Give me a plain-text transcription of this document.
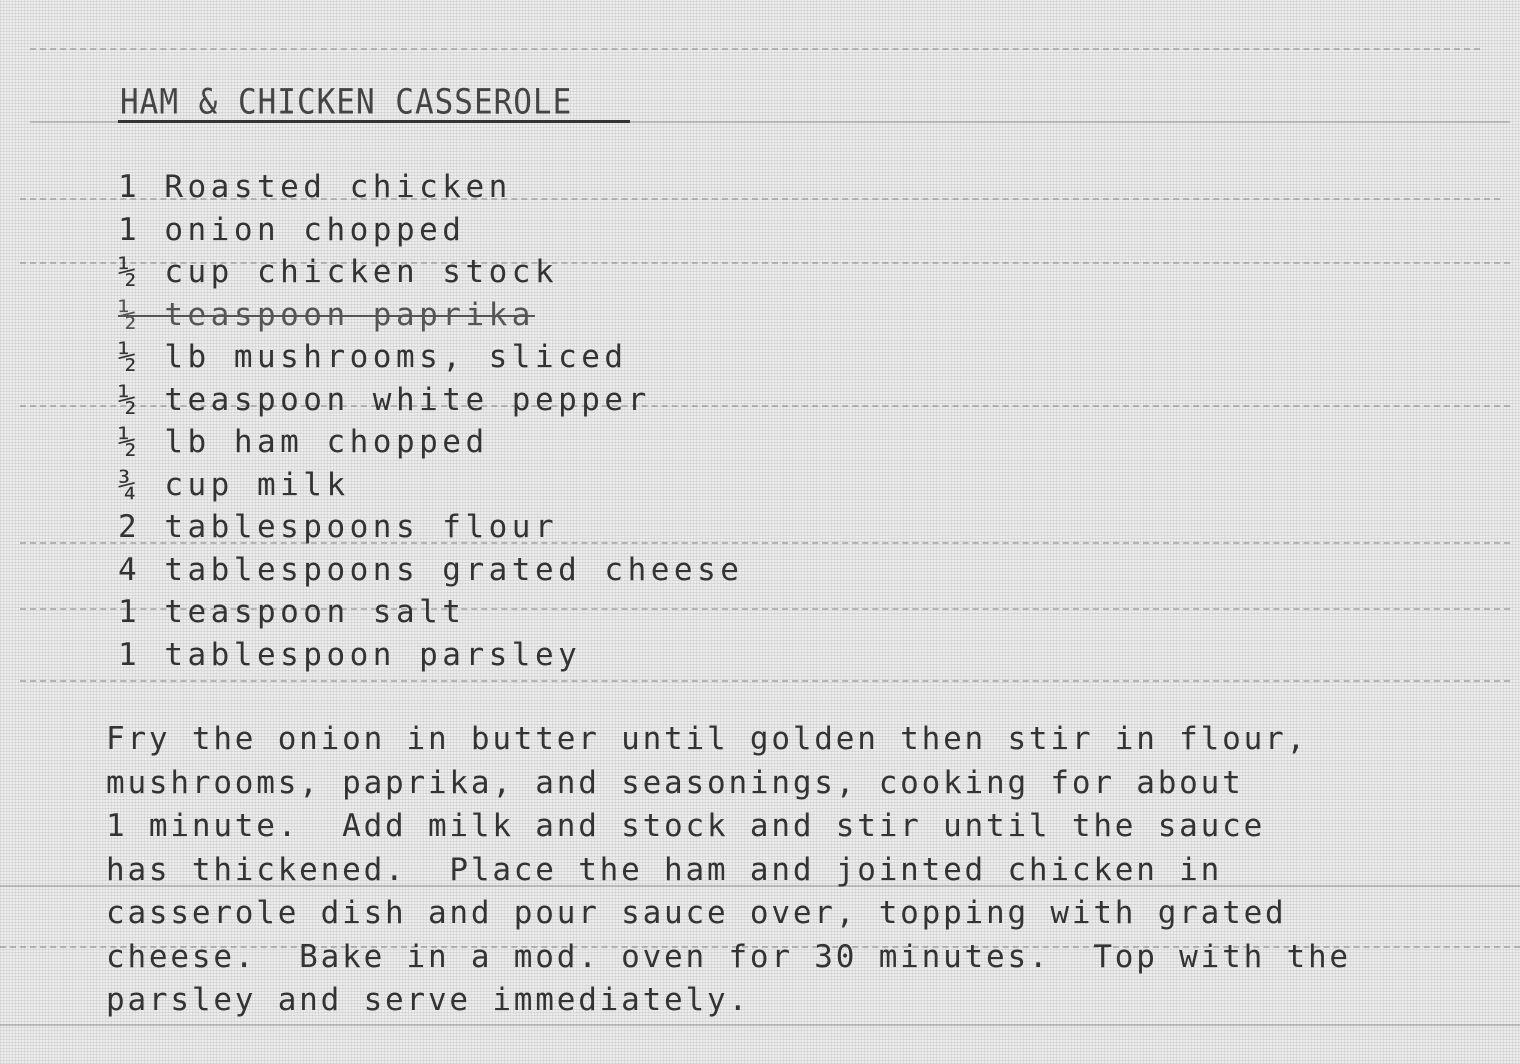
HAM & CHICKEN CASSEROLE
1 Roasted chicken
1 onion chopped
½ cup chicken stock
½ teaspoon paprika
½ lb mushrooms, sliced
½ teaspoon white pepper
½ lb ham chopped
¾ cup milk
2 tablespoons flour
4 tablespoons grated cheese
1 teaspoon salt
1 tablespoon parsley
Fry the onion in butter until golden then stir in flour,
mushrooms, paprika, and seasonings, cooking for about
1 minute.  Add milk and stock and stir until the sauce
has thickened.  Place the ham and jointed chicken in
casserole dish and pour sauce over, topping with grated
cheese.  Bake in a mod. oven for 30 minutes.  Top with the
parsley and serve immediately.
